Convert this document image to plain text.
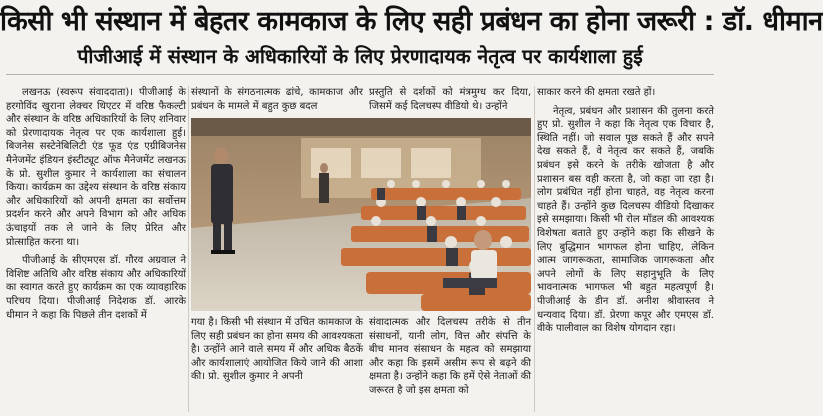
किसी भी संस्थान में बेहतर कामकाज के लिए सही प्रबंधन का होना जरूरी : डॉ. धीमान
पीजीआई में संस्थान के अधिकारियों के लिए प्रेरणादायक नेतृत्व पर कार्यशाला हुई

लखनऊ (स्वरूप संवाददाता)। पीजीआई के हरगोविंद खुराना लेक्चर थिएटर में वरिष्ठ फैकल्टी और संस्थान के वरिष्ठ अधिकारियों के लिए शनिवार को प्रेरणादायक नेतृत्व पर एक कार्यशाला हुई। बिजनेस सस्टेनेबिलिटी एंड फूड एंड एग्रीबिजनेस मैनेजमेंट इंडियन इंस्टीट्यूट ऑफ मैनेजमेंट लखनऊ के प्रो. सुशील कुमार ने कार्यशाला का संचालन किया। कार्यक्रम का उद्देश्य संस्थान के वरिष्ठ संकाय और अधिकारियों को अपनी क्षमता का सर्वोत्तम प्रदर्शन करने और अपने विभाग को और अधिक ऊंचाइयों तक ले जाने के लिए प्रेरित और प्रोत्साहित करना था।

पीजीआई के सीएमएस डॉ. गौरव अग्रवाल ने विशिष्ट अतिथि और वरिष्ठ संकाय और अधिकारियों का स्वागत करते हुए कार्यक्रम का एक व्यावहारिक परिचय दिया। पीजीआई निदेशक डॉ. आरके धीमान ने कहा कि पिछले तीन दशकों में

संस्थानों के संगठनात्मक ढांचे, कामकाज और प्रबंधन के मामले में बहुत कुछ बदल

प्रस्तुति से दर्शकों को मंत्रमुग्ध कर दिया, जिसमें कई दिलचस्प वीडियो थे। उन्होंने

गया है। किसी भी संस्थान में उचित कामकाज के लिए सही प्रबंधन का होना समय की आवश्यकता है। उन्होंने आने वाले समय में और अधिक बैठकें और कार्यशालाएं आयोजित किये जाने की आशा की। प्रो. सुशील कुमार ने अपनी

संवादात्मक और दिलचस्प तरीके से तीन संसाधनों, यानी लोग, वित्त और संपत्ति के बीच मानव संसाधन के महत्व को समझाया और कहा कि इसमें असीम रूप से बढ़ने की क्षमता है। उन्होंने कहा कि हमें ऐसे नेताओं की जरूरत है जो इस क्षमता को

साकार करने की क्षमता रखते हों।

नेतृत्व, प्रबंधन और प्रशासन की तुलना करते हुए प्रो. सुशील ने कहा कि नेतृत्व एक विचार है, स्थिति नहीं। जो सवाल पूछ सकते हैं और सपने देख सकते हैं, वे नेतृत्व कर सकते हैं, जबकि प्रबंधन इसे करने के तरीके खोजता है और प्रशासन बस वही करता है, जो कहा जा रहा है। लोग प्रबंधित नहीं होना चाहते, वह नेतृत्व करना चाहते हैं। उन्होंने कुछ दिलचस्प वीडियो दिखाकर इसे समझाया। किसी भी रोल मॉडल की आवश्यक विशेषता बताते हुए उन्होंने कहा कि सीखने के लिए बुद्धिमान भागफल होना चाहिए, लेकिन आत्म जागरूकता, सामाजिक जागरूकता और अपने लोगों के लिए सहानुभूति के लिए भावनात्मक भागफल भी बहुत महत्वपूर्ण है। पीजीआई के डीन डॉ. अनीश श्रीवास्तव ने धन्यवाद दिया। डॉ. प्रेरणा कपूर और एमएस डॉ. वीके पालीवाल का विशेष योगदान रहा।
